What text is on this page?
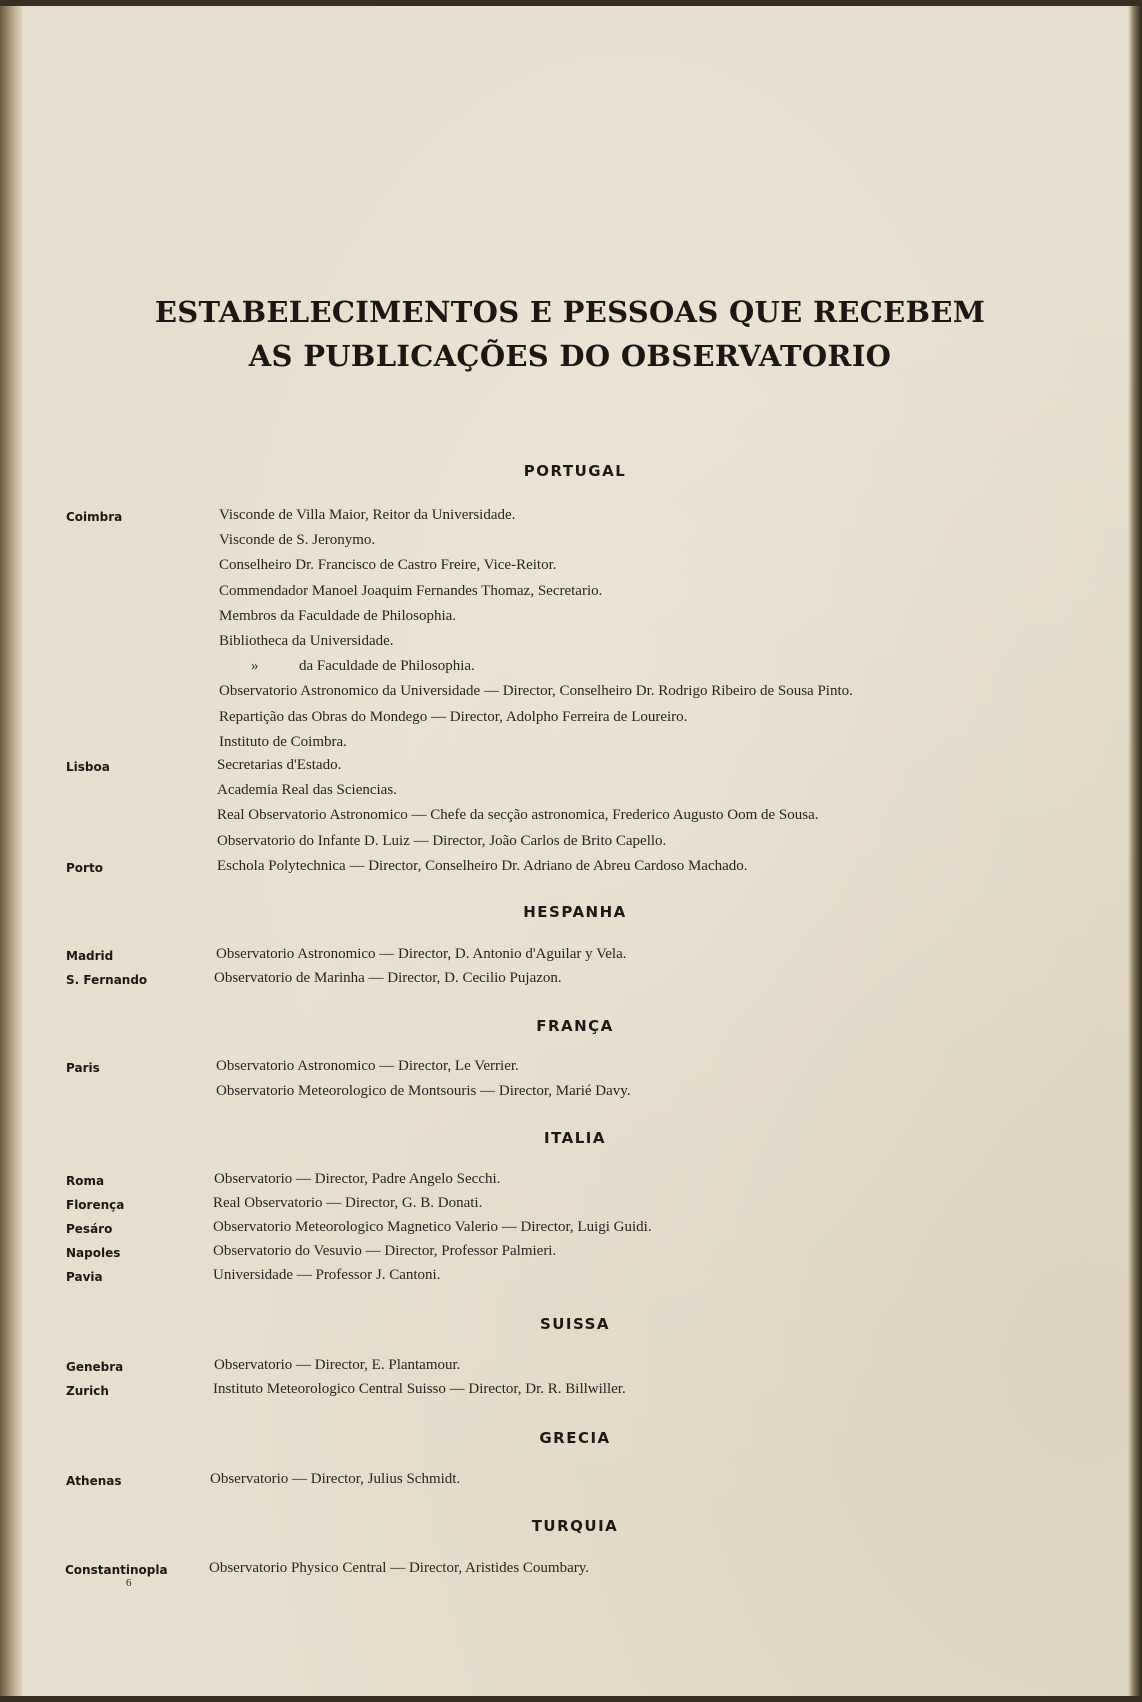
ESTABELECIMENTOS E PESSOAS QUE RECEBEM
AS PUBLICAÇÕES DO OBSERVATORIO
PORTUGAL
Coimbra	Visconde de Villa Maior, Reitor da Universidade.
Visconde de S. Jeronymo.
Conselheiro Dr. Francisco de Castro Freire, Vice-Reitor.
Commendador Manoel Joaquim Fernandes Thomaz, Secretario.
Membros da Faculdade de Philosophia.
Bibliotheca da Universidade.
»	da Faculdade de Philosophia.
Observatorio Astronomico da Universidade — Director, Conselheiro Dr. Rodrigo Ribeiro de Sousa Pinto.
Repartição das Obras do Mondego — Director, Adolpho Ferreira de Loureiro.
Instituto de Coimbra.
Lisboa	Secretarias d'Estado.
Academia Real das Sciencias.
Real Observatorio Astronomico — Chefe da secção astronomica, Frederico Augusto Oom de Sousa.
Observatorio do Infante D. Luiz — Director, João Carlos de Brito Capello.
Porto	Eschola Polytechnica — Director, Conselheiro Dr. Adriano de Abreu Cardoso Machado.
HESPANHA
Madrid	Observatorio Astronomico — Director, D. Antonio d'Aguilar y Vela.
S. Fernando	Observatorio de Marinha — Director, D. Cecilio Pujazon.
FRANÇA
Paris	Observatorio Astronomico — Director, Le Verrier.
Observatorio Meteorologico de Montsouris — Director, Marié Davy.
ITALIA
Roma	Observatorio — Director, Padre Angelo Secchi.
Florença	Real Observatorio — Director, G. B. Donati.
Pesáro	Observatorio Meteorologico Magnetico Valerio — Director, Luigi Guidi.
Napoles	Observatorio do Vesuvio — Director, Professor Palmieri.
Pavia	Universidade — Professor J. Cantoni.
SUISSA
Genebra	Observatorio — Director, E. Plantamour.
Zurich	Instituto Meteorologico Central Suisso — Director, Dr. R. Billwiller.
GRECIA
Athenas	Observatorio — Director, Julius Schmidt.
TURQUIA
Constantinopla	Observatorio Physico Central — Director, Aristides Coumbary.
6
